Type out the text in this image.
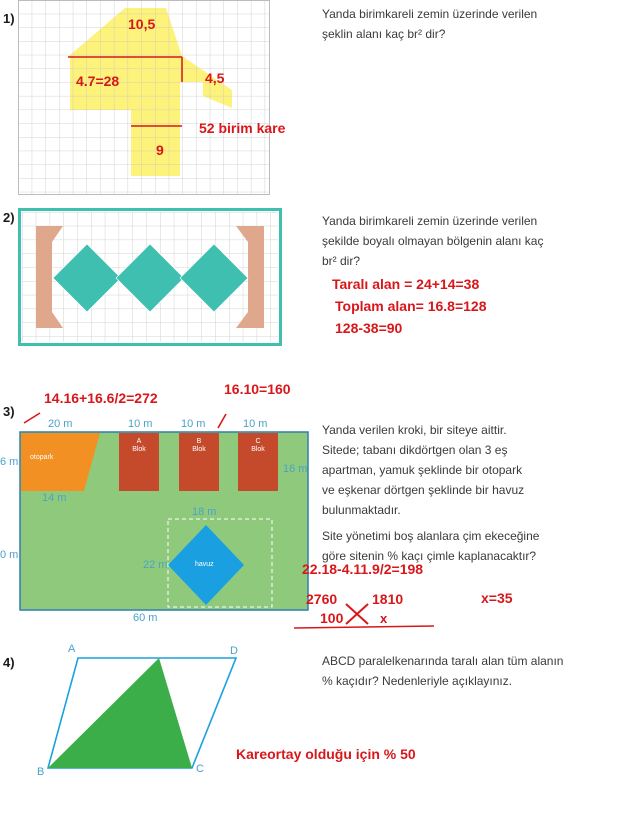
1)	10,5
4.7=28	4,5
9
52 birim kare
Yanda birimkareli zemin üzerinde verilen
şeklin alanı kaç br² dir?
2)	Yanda birimkareli zemin üzerinde verilen
şekilde boyalı olmayan bölgenin alanı kaç
br² dir?
Taralı alan = 24+14=38
Toplam alan= 16.8=128
128-38=90
3)
14.16+16.6/2=272
16.10=160
20 m	10 m	10 m	10 m
6 m
16 m
0 m
14 m
18 m
22 m
60 m
otopark
havuz
A
Blok
B
Blok
C
Blok
Yanda verilen kroki, bir siteye aittir.
Sitede; tabanı dikdörtgen olan 3 eş
apartman, yamuk şeklinde bir otopark
ve eşkenar dörtgen şeklinde bir havuz
bulunmaktadır.
Site yönetimi boş alanlara çim ekeceğine
göre sitenin % kaçı çimle kaplanacaktır?
22.18-4.11.9/2=198
2760 1810
100	x
x=35
4)
A	D
B	C
ABCD paralelkenarında taralı alan tüm alanın
% kaçıdır? Nedenleriyle açıklayınız.
Kareortay olduğu için % 50
